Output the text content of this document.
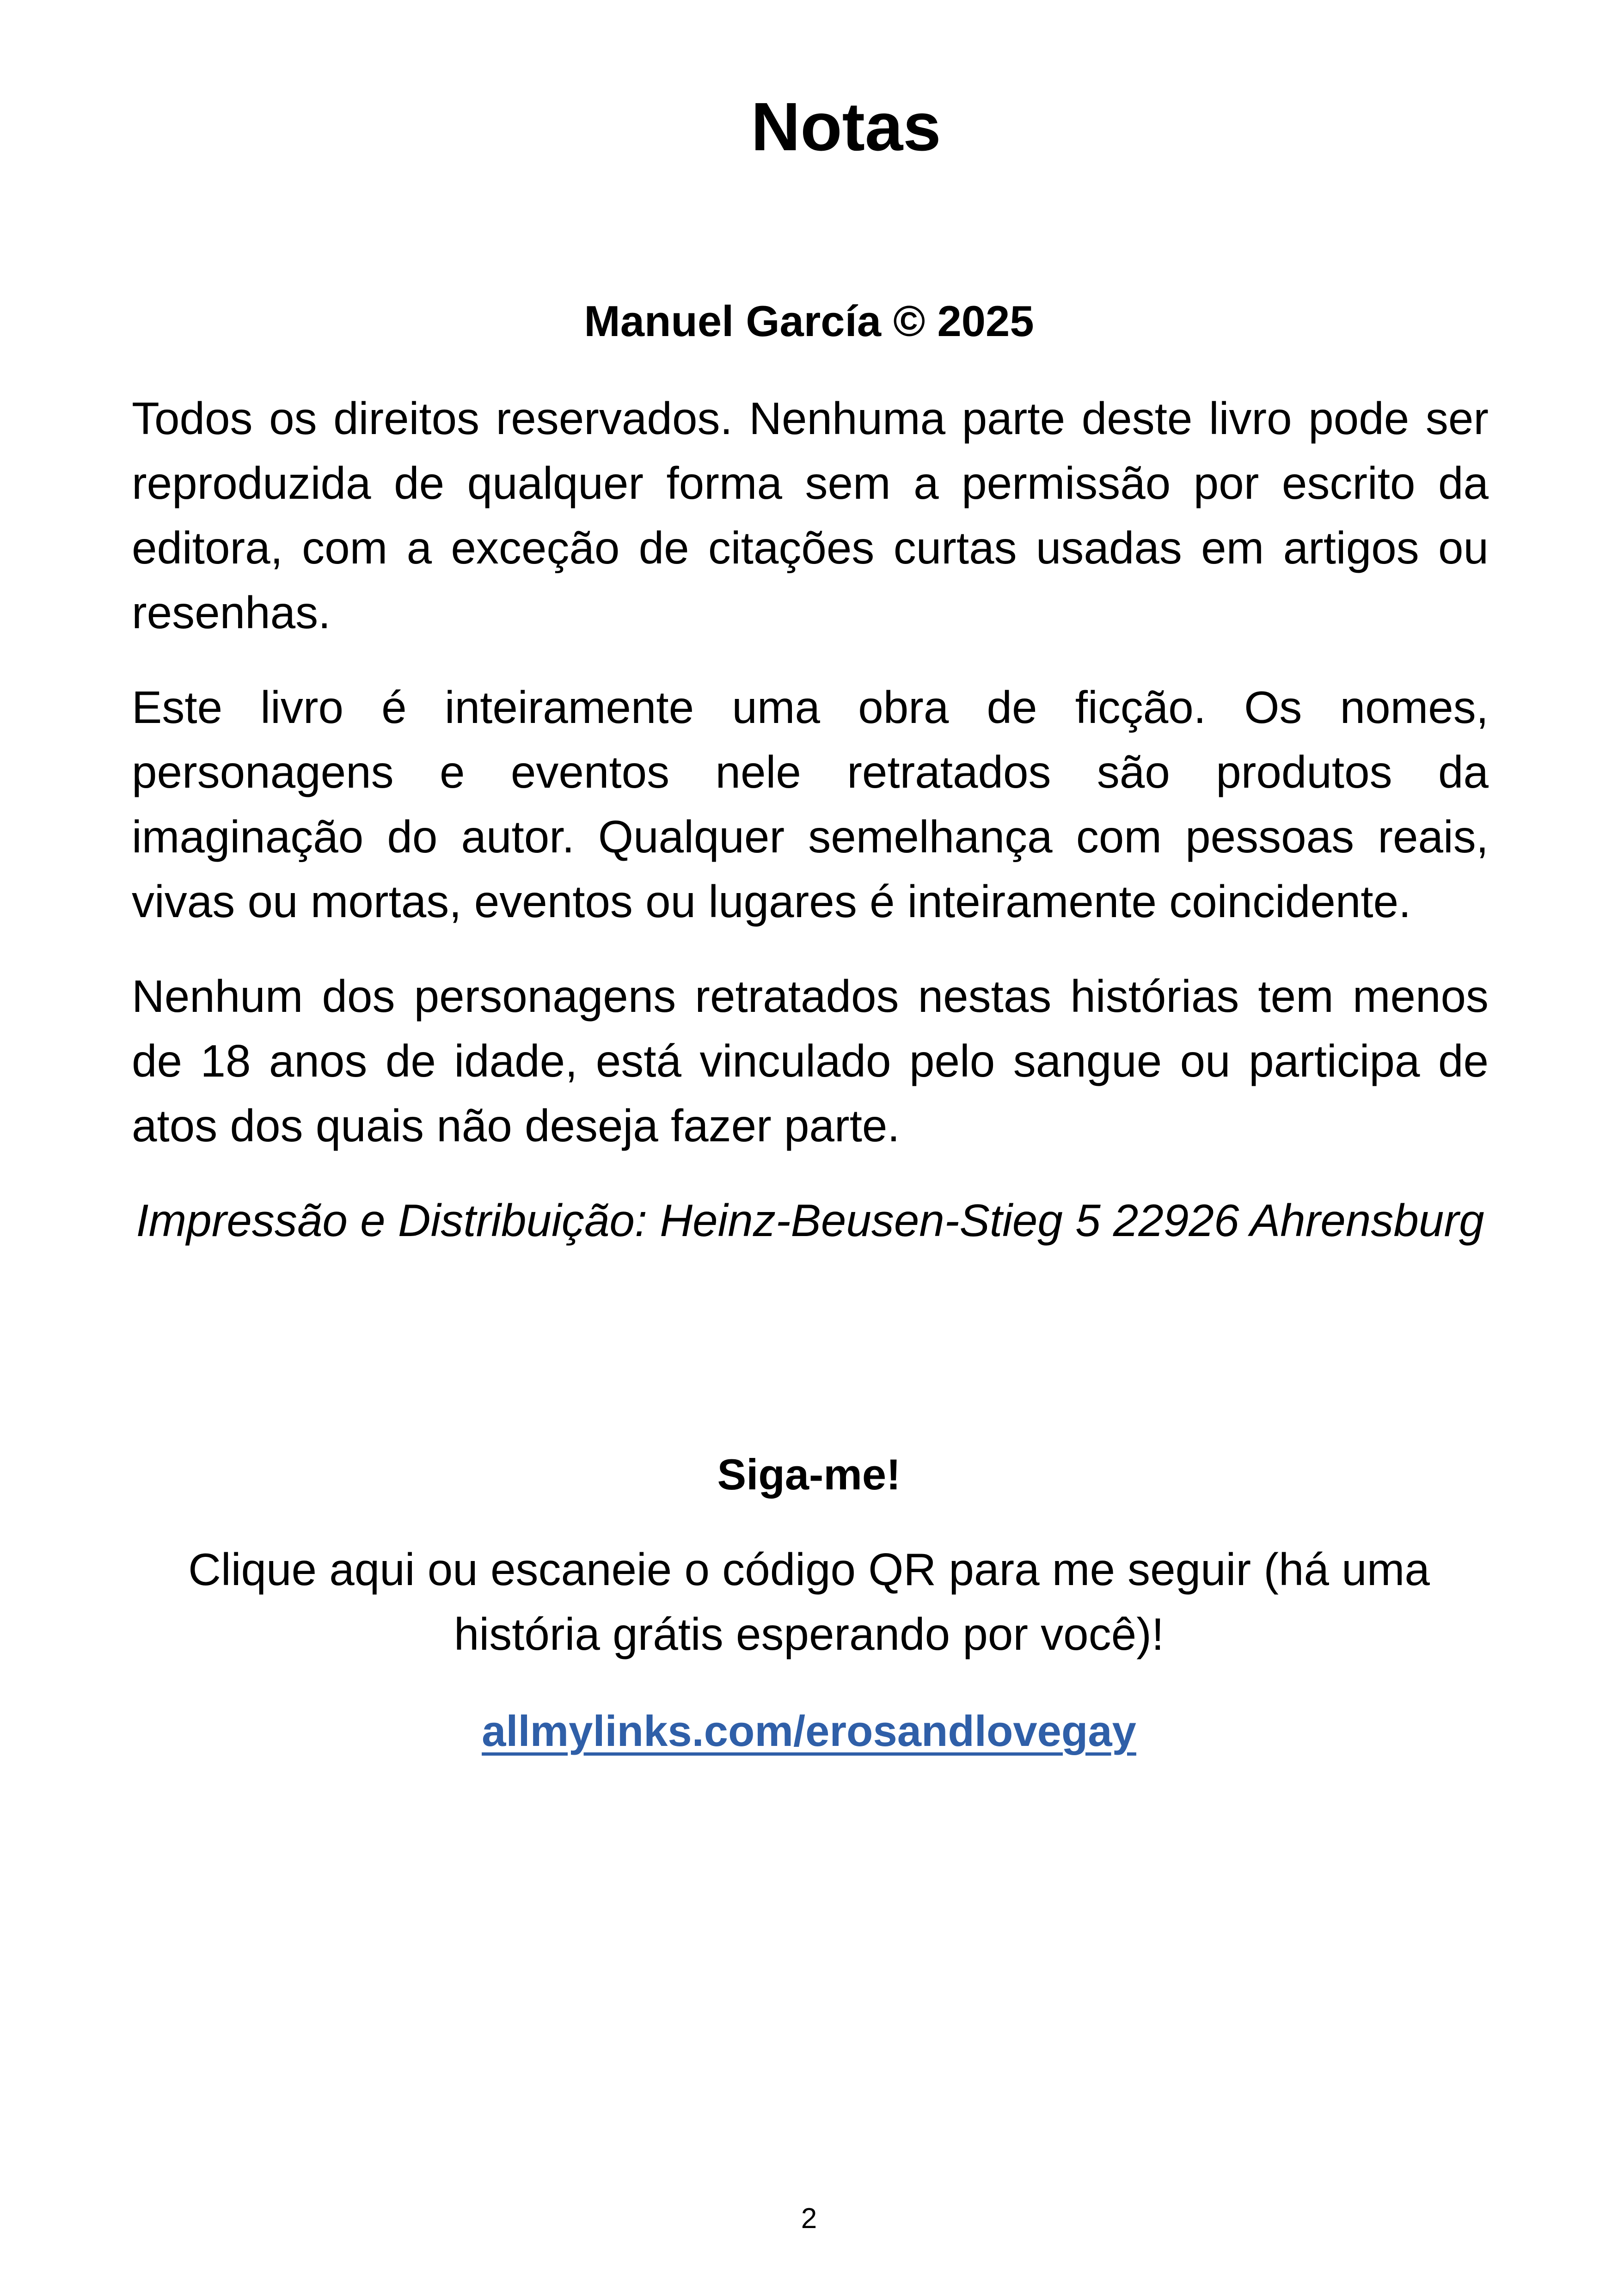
Notas

Manuel García © 2025

Todos os direitos reservados. Nenhuma parte deste livro pode ser reproduzida de qualquer forma sem a permissão por escrito da editora, com a exceção de citações curtas usadas em artigos ou resenhas.

Este livro é inteiramente uma obra de ficção. Os nomes, personagens e eventos nele retratados são produtos da imaginação do autor. Qualquer semelhança com pessoas reais, vivas ou mortas, eventos ou lugares é inteiramente coincidente.

Nenhum dos personagens retratados nestas histórias tem menos de 18 anos de idade, está vinculado pelo sangue ou participa de atos dos quais não deseja fazer parte.

Impressão e Distribuição: Heinz-Beusen-Stieg 5 22926 Ahrensburg

Siga-me!

Clique aqui ou escaneie o código QR para me seguir (há uma história grátis esperando por você)!

allmylinks.com/erosandlovegay

2
